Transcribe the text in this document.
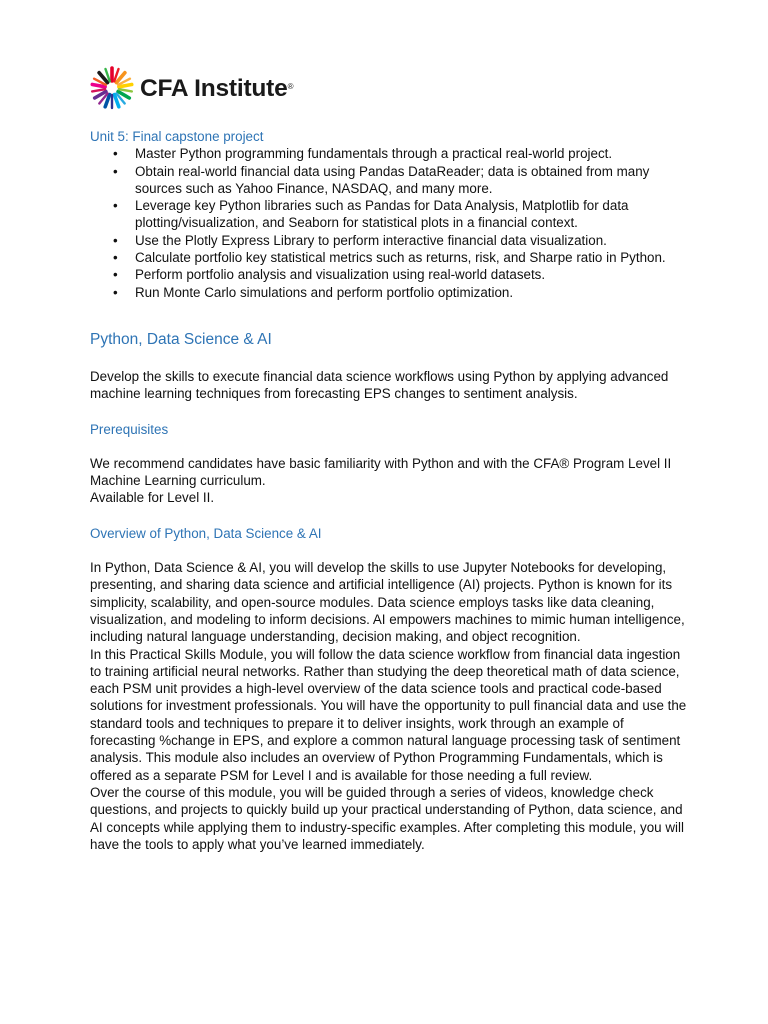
CFA Institute®

Unit 5: Final capstone project

• Master Python programming fundamentals through a practical real-world project.
• Obtain real-world financial data using Pandas DataReader; data is obtained from many sources such as Yahoo Finance, NASDAQ, and many more.
• Leverage key Python libraries such as Pandas for Data Analysis, Matplotlib for data plotting/visualization, and Seaborn for statistical plots in a financial context.
• Use the Plotly Express Library to perform interactive financial data visualization.
• Calculate portfolio key statistical metrics such as returns, risk, and Sharpe ratio in Python.
• Perform portfolio analysis and visualization using real-world datasets.
• Run Monte Carlo simulations and perform portfolio optimization.

Python, Data Science & AI

Develop the skills to execute financial data science workflows using Python by applying advanced machine learning techniques from forecasting EPS changes to sentiment analysis.

Prerequisites

We recommend candidates have basic familiarity with Python and with the CFA® Program Level II Machine Learning curriculum.

Available for Level II.

Overview of Python, Data Science & AI

In Python, Data Science & AI, you will develop the skills to use Jupyter Notebooks for developing, presenting, and sharing data science and artificial intelligence (AI) projects. Python is known for its simplicity, scalability, and open-source modules. Data science employs tasks like data cleaning, visualization, and modeling to inform decisions. AI empowers machines to mimic human intelligence, including natural language understanding, decision making, and object recognition.

In this Practical Skills Module, you will follow the data science workflow from financial data ingestion to training artificial neural networks. Rather than studying the deep theoretical math of data science, each PSM unit provides a high-level overview of the data science tools and practical code-based solutions for investment professionals. You will have the opportunity to pull financial data and use the standard tools and techniques to prepare it to deliver insights, work through an example of forecasting %change in EPS, and explore a common natural language processing task of sentiment analysis. This module also includes an overview of Python Programming Fundamentals, which is offered as a separate PSM for Level I and is available for those needing a full review.

Over the course of this module, you will be guided through a series of videos, knowledge check questions, and projects to quickly build up your practical understanding of Python, data science, and AI concepts while applying them to industry-specific examples. After completing this module, you will have the tools to apply what you’ve learned immediately.
